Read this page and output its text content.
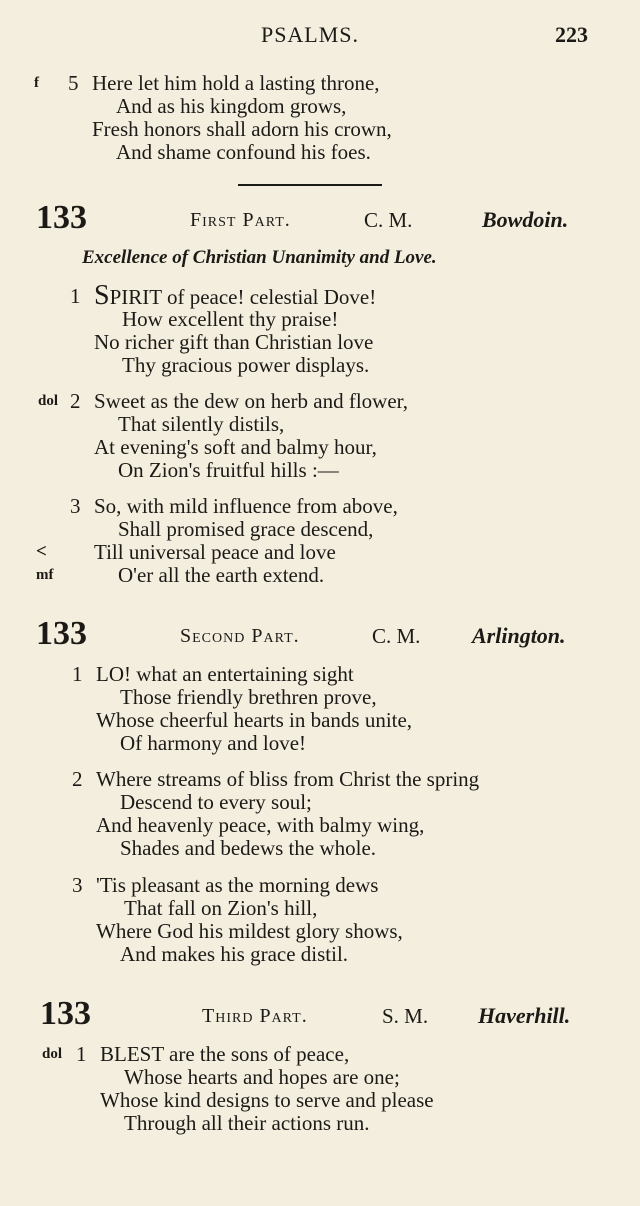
PSALMS.	223
f 5 Here let him hold a lasting throne,
And as his kingdom grows,
Fresh honors shall adorn his crown,
And shame confound his foes.
133	First Part.	C. M.	Bowdoin.
Excellence of Christian Unanimity and Love.
1 SPIRIT of peace! celestial Dove!
How excellent thy praise!
No richer gift than Christian love
Thy gracious power displays.
dol 2 Sweet as the dew on herb and flower,
That silently distils,
At evening's soft and balmy hour,
On Zion's fruitful hills :—
3 So, with mild influence from above,
Shall promised grace descend,
< Till universal peace and love
mf	O'er all the earth extend.
133	Second Part.	C. M. Arlington.
1 LO! what an entertaining sight
Those friendly brethren prove,
Whose cheerful hearts in bands unite,
Of harmony and love!
2 Where streams of bliss from Christ the spring
Descend to every soul;
And heavenly peace, with balmy wing,
Shades and bedews the whole.
3 'Tis pleasant as the morning dews
That fall on Zion's hill,
Where God his mildest glory shows,
And makes his grace distil.
133	Third Part.	S. M. Haverhill.
dol 1 BLEST are the sons of peace,
Whose hearts and hopes are one;
Whose kind designs to serve and please
Through all their actions run.
